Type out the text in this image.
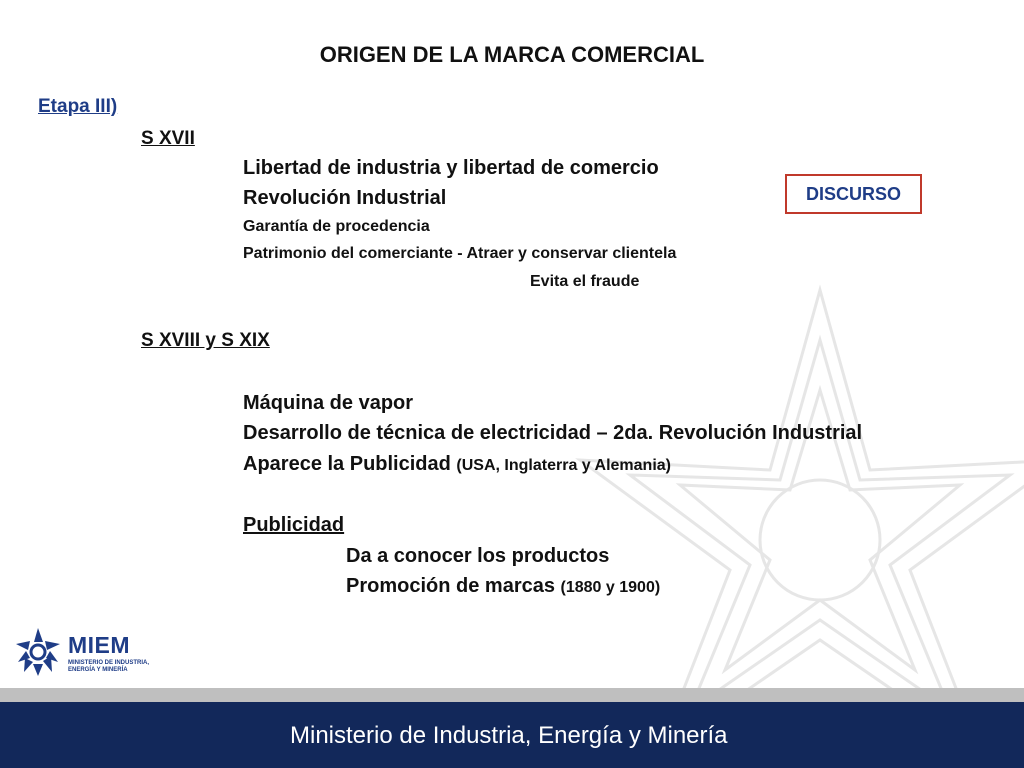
ORIGEN DE LA MARCA COMERCIAL
Etapa III)
S XVII
Libertad de industria y libertad de comercio
Revolución Industrial
Garantía de procedencia
Patrimonio del comerciante - Atraer y conservar clientela
Evita el fraude
DISCURSO
S XVIII y S XIX
Máquina de vapor
Desarrollo de técnica de electricidad – 2da. Revolución Industrial
Aparece la Publicidad (USA, Inglaterra y Alemania)
Publicidad
Da a conocer los productos
Promoción de marcas (1880 y 1900)
MIEM
MINISTERIO DE INDUSTRIA,
ENERGÍA Y MINERÍA
Ministerio de Industria, Energía y Minería
